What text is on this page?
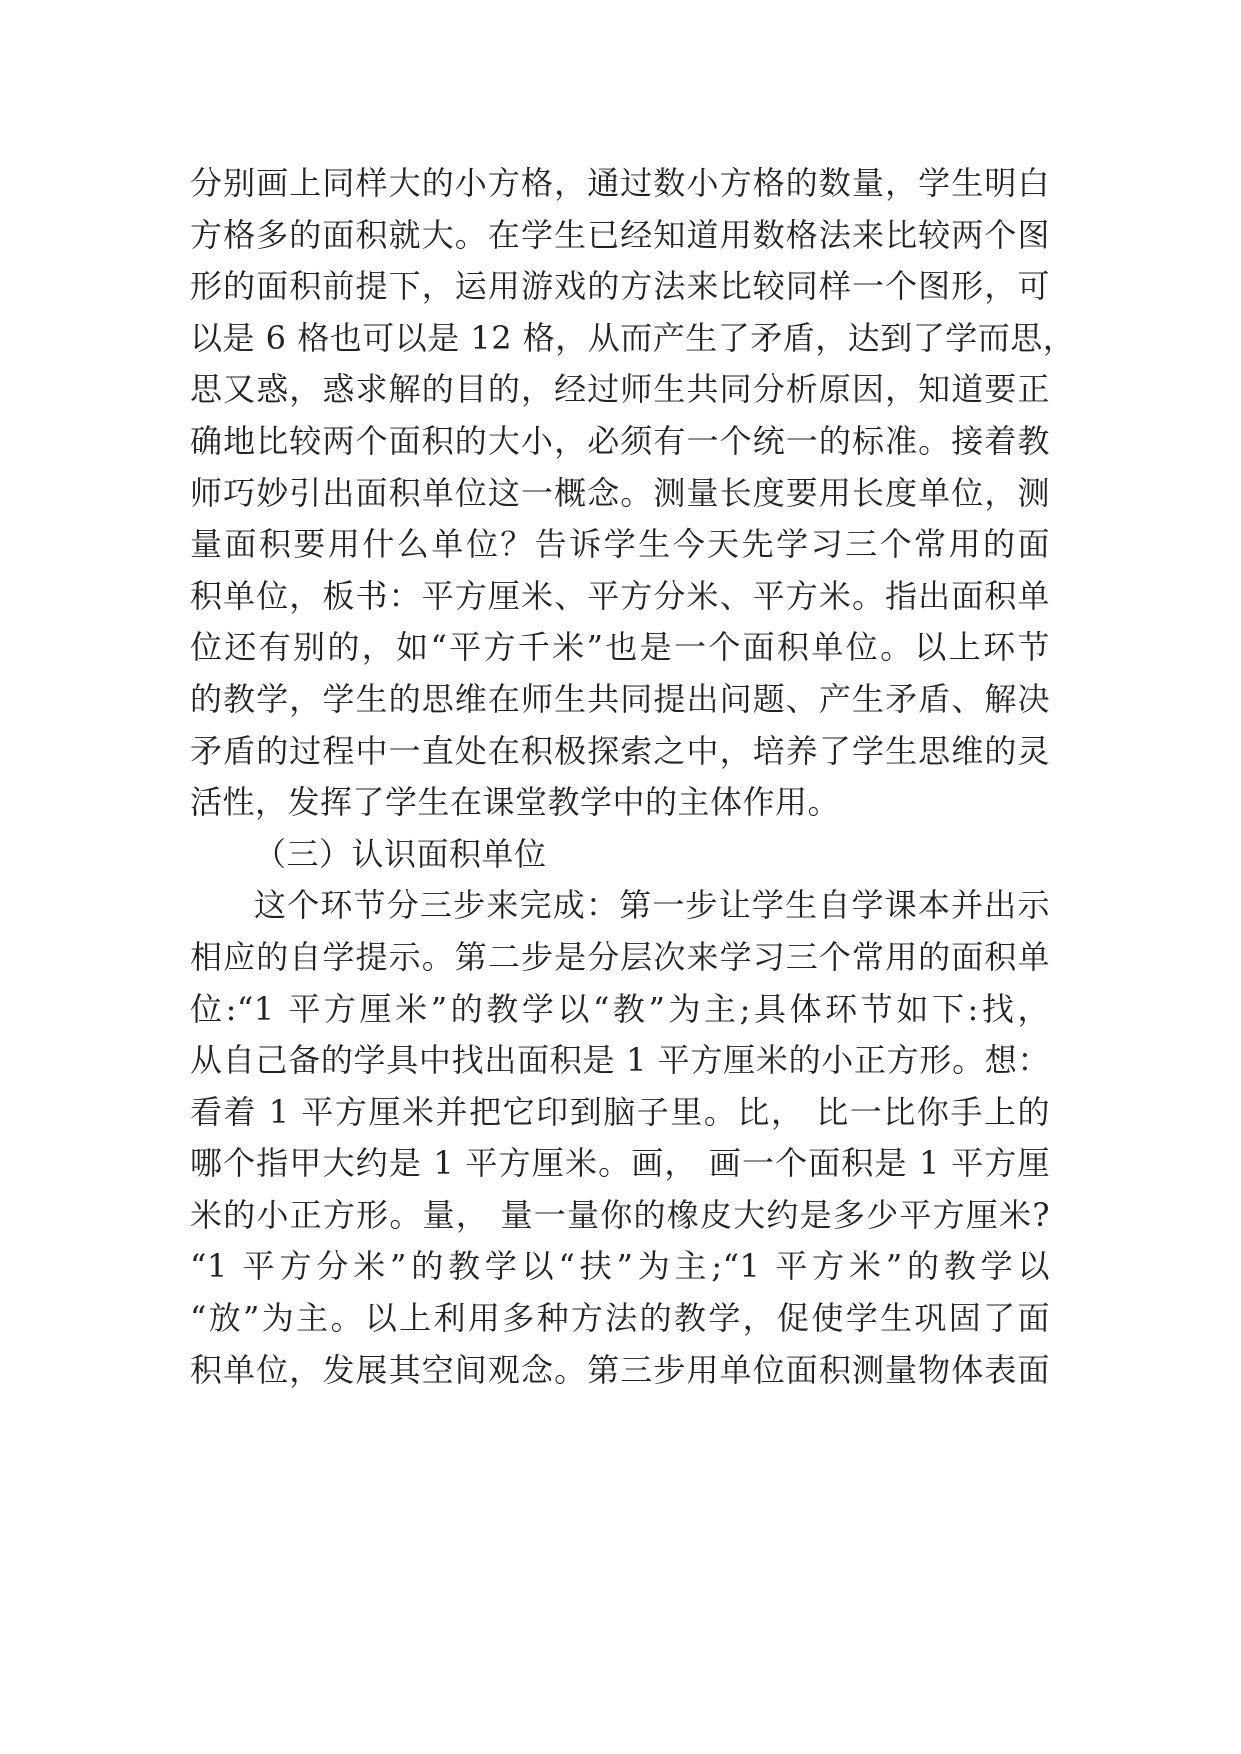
分别画上同样大的小方格，通过数小方格的数量，学生明白
方格多的面积就大。在学生已经知道用数格法来比较两个图
形的面积前提下，运用游戏的方法来比较同样一个图形，可
以是 6 格也可以是 12 格，从而产生了矛盾，达到了学而思，
思又惑，惑求解的目的，经过师生共同分析原因，知道要正
确地比较两个面积的大小，必须有一个统一的标准。接着教
师巧妙引出面积单位这一概念。测量长度要用长度单位，测
量面积要用什么单位？告诉学生今天先学习三个常用的面
积单位，板书：平方厘米、平方分米、平方米。指出面积单
位还有别的，如“平方千米”也是一个面积单位。以上环节
的教学，学生的思维在师生共同提出问题、产生矛盾、解决
矛盾的过程中一直处在积极探索之中，培养了学生思维的灵
活性，发挥了学生在课堂教学中的主体作用。
（三）认识面积单位
这个环节分三步来完成：第一步让学生自学课本并出示
相应的自学提示。第二步是分层次来学习三个常用的面积单
位:“1 平方厘米”的教学以“教”为主;具体环节如下:找，
从自己备的学具中找出面积是 1 平方厘米的小正方形。想：
看着 1 平方厘米并把它印到脑子里。比， 比一比你手上的
哪个指甲大约是 1 平方厘米。画， 画一个面积是 1 平方厘
米的小正方形。量， 量一量你的橡皮大约是多少平方厘米?
“1 平方分米”的教学以“扶”为主;“1 平方米”的教学以
“放”为主。以上利用多种方法的教学，促使学生巩固了面
积单位，发展其空间观念。第三步用单位面积测量物体表面
